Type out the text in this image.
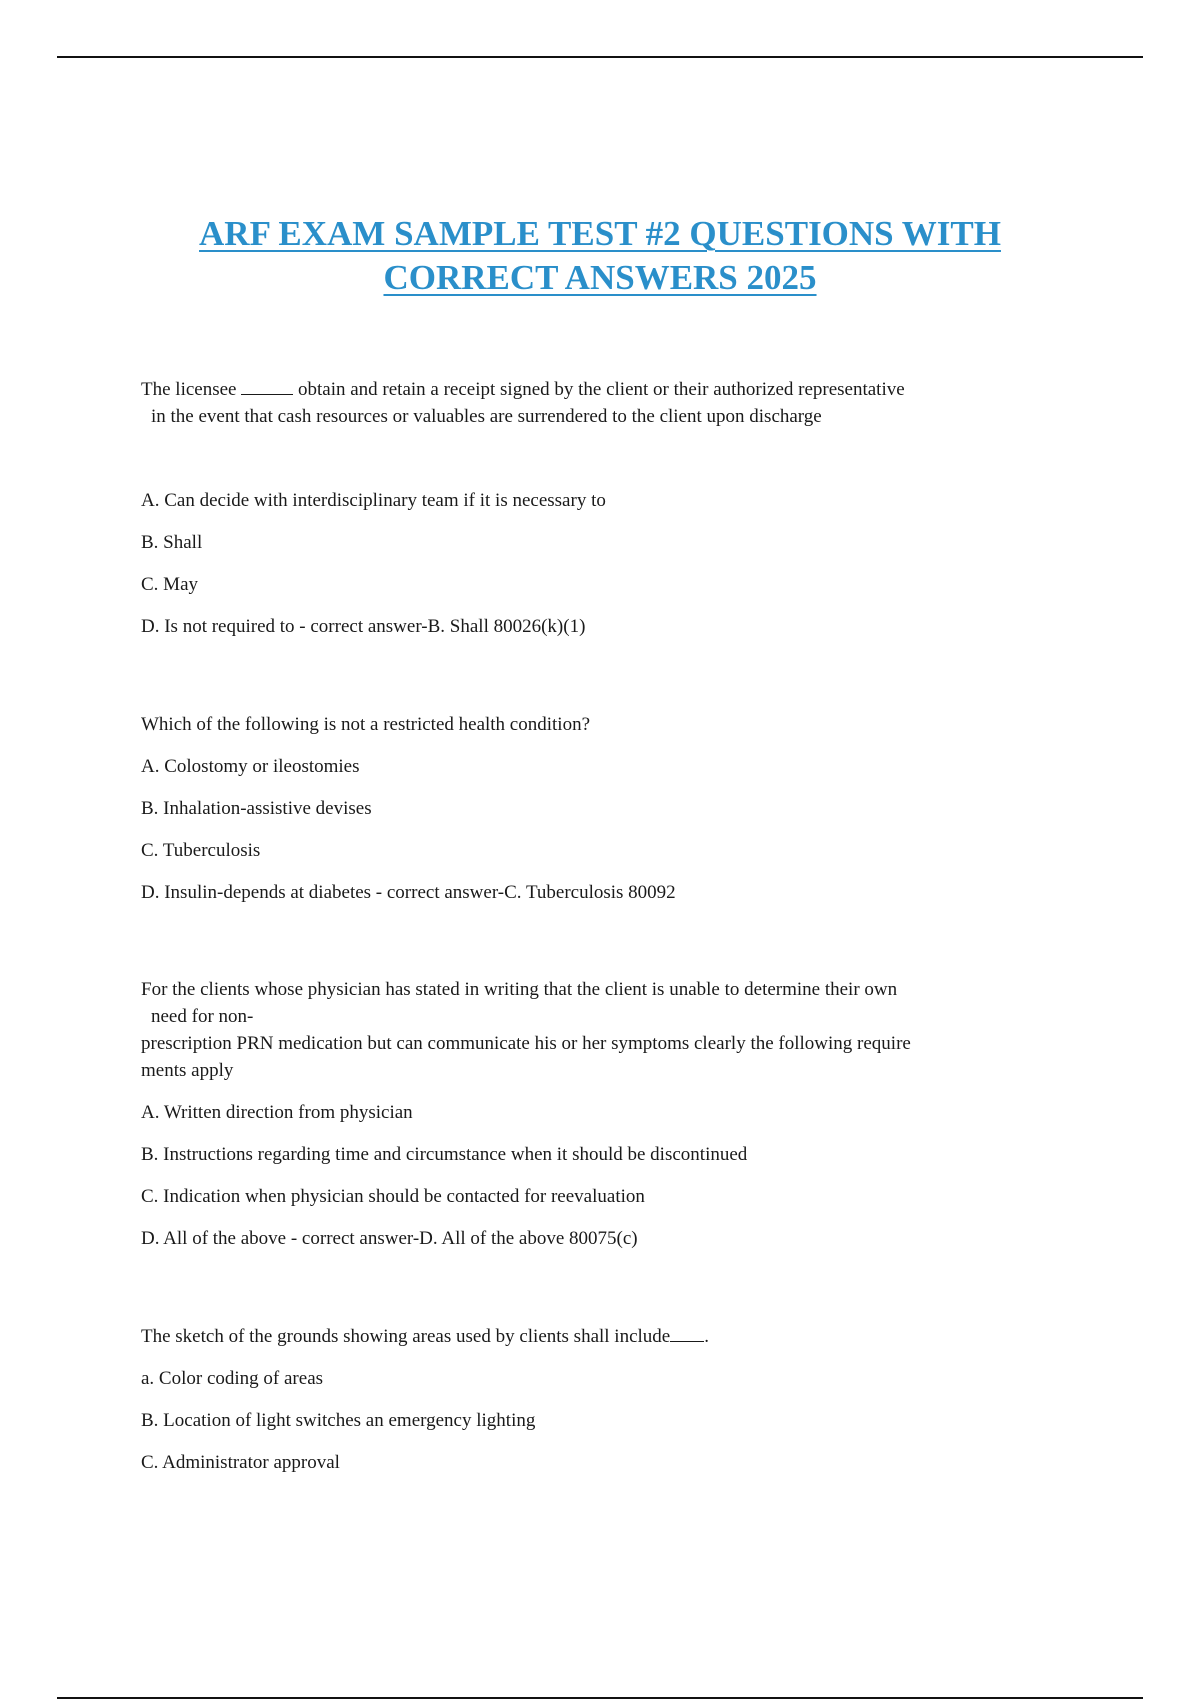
ARF EXAM SAMPLE TEST #2 QUESTIONS WITH
CORRECT ANSWERS 2025

The licensee	obtain and retain a receipt signed by the client or their authorized representative
in the event that cash resources or valuables are surrendered to the client upon discharge

A. Can decide with interdisciplinary team if it is necessary to

B. Shall

C. May

D. Is not required to - correct answer-B. Shall 80026(k)(1)

Which of the following is not a restricted health condition?

A. Colostomy or ileostomies

B. Inhalation-assistive devises

C. Tuberculosis

D. Insulin-depends at diabetes - correct answer-C. Tuberculosis 80092

For the clients whose physician has stated in writing that the client is unable to determine their own
need for non-
prescription PRN medication but can communicate his or her symptoms clearly the following require
ments apply

A. Written direction from physician

B. Instructions regarding time and circumstance when it should be discontinued

C. Indication when physician should be contacted for reevaluation

D. All of the above - correct answer-D. All of the above 80075(c)

The sketch of the grounds showing areas used by clients shall include .

a. Color coding of areas

B. Location of light switches an emergency lighting

C. Administrator approval
